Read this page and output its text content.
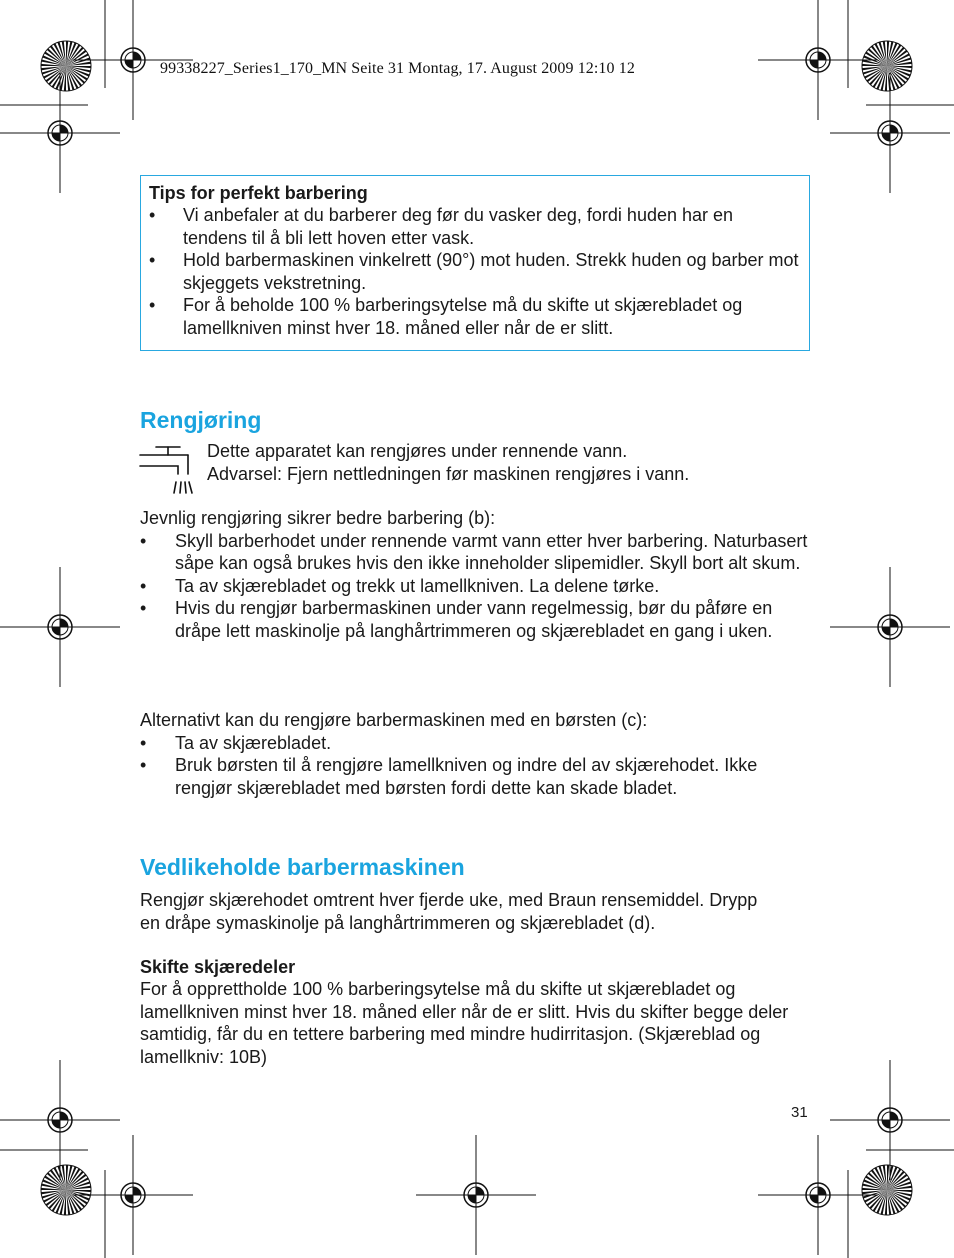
99338227_Series1_170_MN Seite 31 Montag, 17. August 2009 12:10 12
Tips for perfekt barbering
• Vi anbefaler at du barberer deg før du vasker deg, fordi huden har en tendens til å bli lett hoven etter vask.
• Hold barbermaskinen vinkelrett (90°) mot huden. Strekk huden og barber mot skjeggets vekstretning.
• For å beholde 100 % barberingsytelse må du skifte ut skjærebladet og lamellkniven minst hver 18. måned eller når de er slitt.
Rengjøring
Dette apparatet kan rengjøres under rennende vann.
Advarsel: Fjern nettledningen før maskinen rengjøres i vann.
Jevnlig rengjøring sikrer bedre barbering (b):
• Skyll barberhodet under rennende varmt vann etter hver barbering. Naturbasert såpe kan også brukes hvis den ikke inneholder slipemidler. Skyll bort alt skum.
• Ta av skjærebladet og trekk ut lamellkniven. La delene tørke.
• Hvis du rengjør barbermaskinen under vann regelmessig, bør du påføre en dråpe lett maskinolje på langhårtrimmeren og skjærebladet en gang i uken.
Alternativt kan du rengjøre barbermaskinen med en børsten (c):
• Ta av skjærebladet.
• Bruk børsten til å rengjøre lamellkniven og indre del av skjærehodet. Ikke rengjør skjærebladet med børsten fordi dette kan skade bladet.
Vedlikeholde barbermaskinen
Rengjør skjærehodet omtrent hver fjerde uke, med Braun rensemiddel. Drypp en dråpe symaskinolje på langhårtrimmeren og skjærebladet (d).
Skifte skjæredeler
For å opprettholde 100 % barberingsytelse må du skifte ut skjærebladet og lamellkniven minst hver 18. måned eller når de er slitt. Hvis du skifter begge deler samtidig, får du en tettere barbering med mindre hudirritasjon. (Skjæreblad og lamellkniv: 10B)
31
